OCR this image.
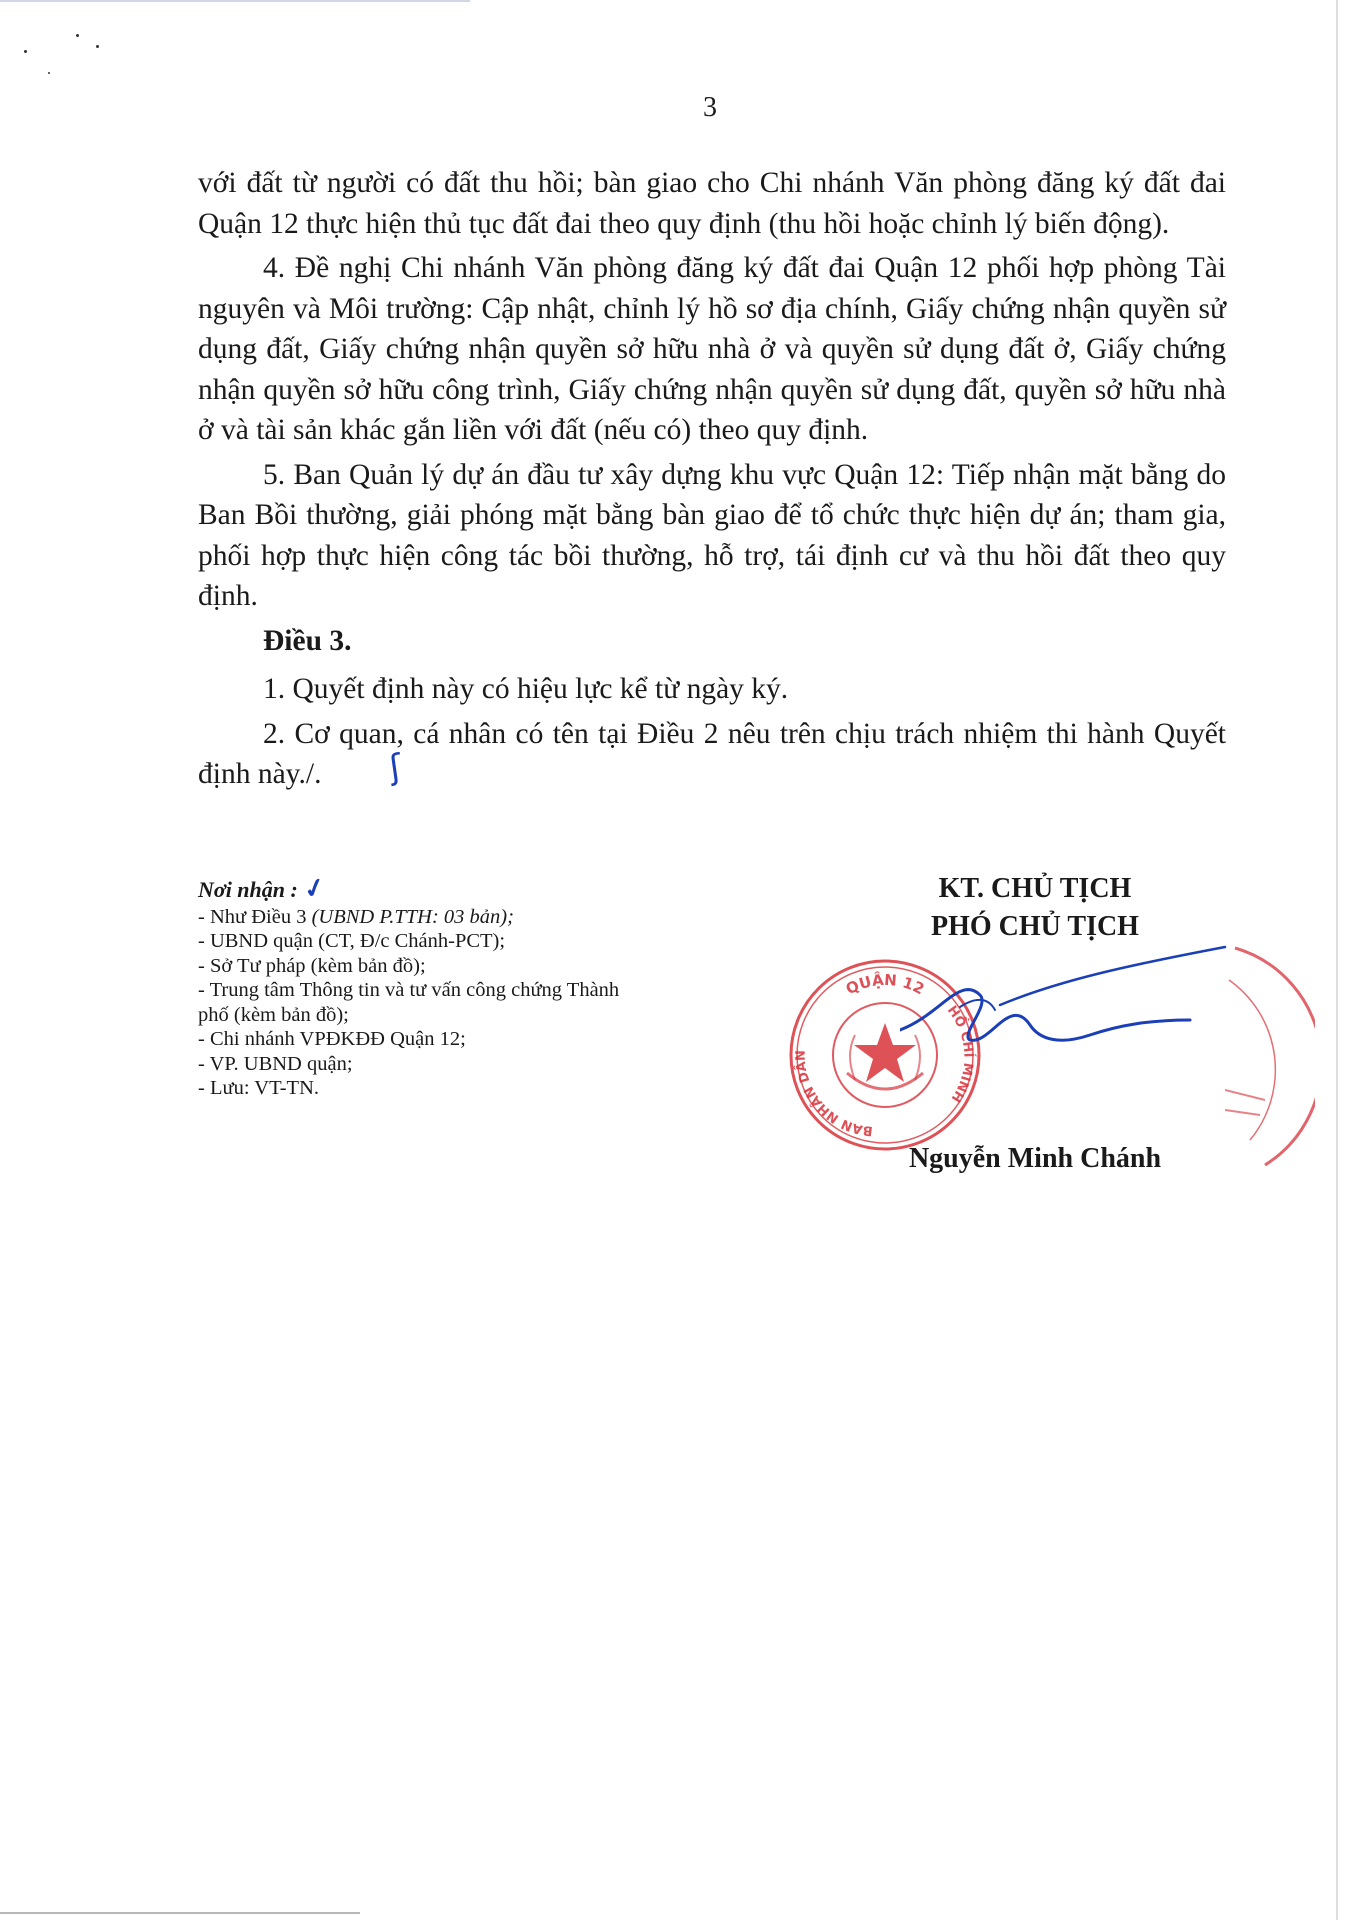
3

với đất từ người có đất thu hồi; bàn giao cho Chi nhánh Văn phòng đăng ký đất đai Quận 12 thực hiện thủ tục đất đai theo quy định (thu hồi hoặc chỉnh lý biến động).

4. Đề nghị Chi nhánh Văn phòng đăng ký đất đai Quận 12 phối hợp phòng Tài nguyên và Môi trường: Cập nhật, chỉnh lý hồ sơ địa chính, Giấy chứng nhận quyền sử dụng đất, Giấy chứng nhận quyền sở hữu nhà ở và quyền sử dụng đất ở, Giấy chứng nhận quyền sở hữu công trình, Giấy chứng nhận quyền sử dụng đất, quyền sở hữu nhà ở và tài sản khác gắn liền với đất (nếu có) theo quy định.

5. Ban Quản lý dự án đầu tư xây dựng khu vực Quận 12: Tiếp nhận mặt bằng do Ban Bồi thường, giải phóng mặt bằng bàn giao để tổ chức thực hiện dự án; tham gia, phối hợp thực hiện công tác bồi thường, hỗ trợ, tái định cư và thu hồi đất theo quy định.

Điều 3.

1. Quyết định này có hiệu lực kể từ ngày ký.

2. Cơ quan, cá nhân có tên tại Điều 2 nêu trên chịu trách nhiệm thi hành Quyết định này./. ʃ

Nơi nhận :✓
- Như Điều 3 (UBND P.TTH: 03 bản);
- UBND quận (CT, Đ/c Chánh-PCT);
- Sở Tư pháp (kèm bản đồ);
- Trung tâm Thông tin và tư vấn công chứng Thành phố (kèm bản đồ);
- Chi nhánh VPĐKĐĐ Quận 12;
- VP. UBND quận;
- Lưu: VT-TN.
KT. CHỦ TỊCH
PHÓ CHỦ TỊCH
QUẬN 12
BAN NHÂN DÂN
HỒ CHÍ MINH
Nguyễn Minh Chánh
